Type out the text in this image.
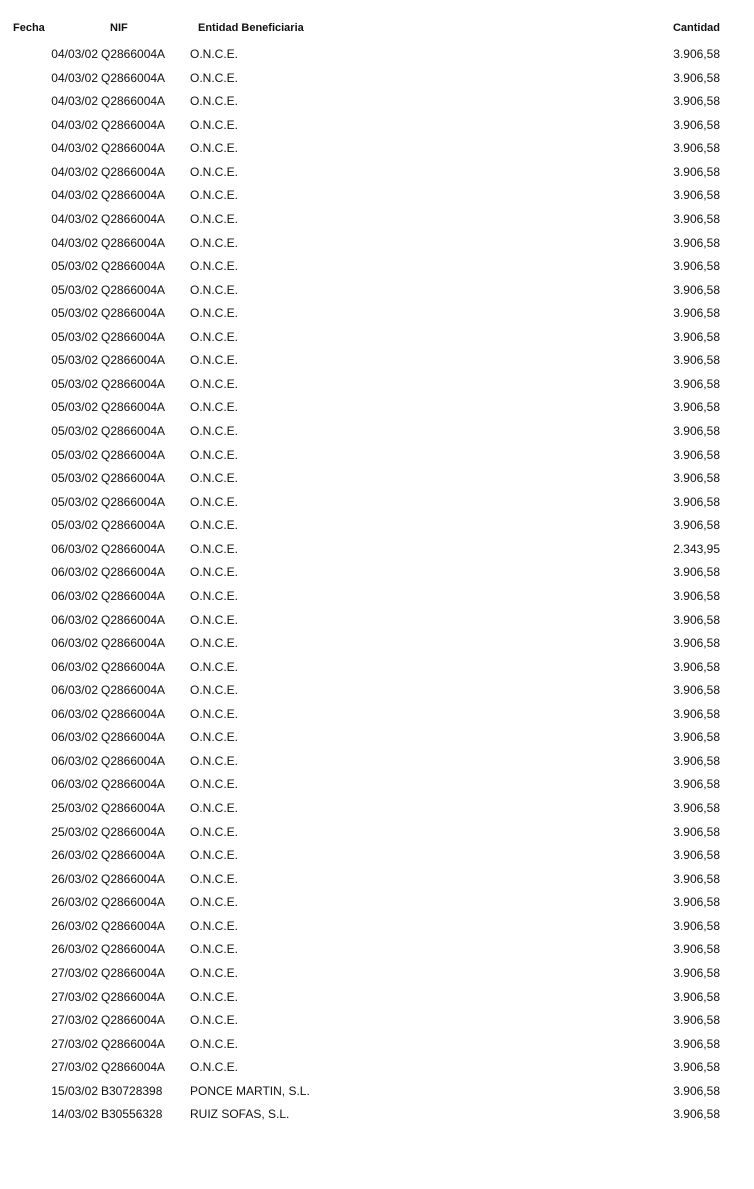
Fecha	NIF	Entidad Beneficiaria	Cantidad
04/03/02 Q2866004A O.N.C.E.	3.906,58
04/03/02 Q2866004A O.N.C.E.	3.906,58
04/03/02 Q2866004A O.N.C.E.	3.906,58
04/03/02 Q2866004A O.N.C.E.	3.906,58
04/03/02 Q2866004A O.N.C.E.	3.906,58
04/03/02 Q2866004A O.N.C.E.	3.906,58
04/03/02 Q2866004A O.N.C.E.	3.906,58
04/03/02 Q2866004A O.N.C.E.	3.906,58
04/03/02 Q2866004A O.N.C.E.	3.906,58
05/03/02 Q2866004A O.N.C.E.	3.906,58
05/03/02 Q2866004A O.N.C.E.	3.906,58
05/03/02 Q2866004A O.N.C.E.	3.906,58
05/03/02 Q2866004A O.N.C.E.	3.906,58
05/03/02 Q2866004A O.N.C.E.	3.906,58
05/03/02 Q2866004A O.N.C.E.	3.906,58
05/03/02 Q2866004A O.N.C.E.	3.906,58
05/03/02 Q2866004A O.N.C.E.	3.906,58
05/03/02 Q2866004A O.N.C.E.	3.906,58
05/03/02 Q2866004A O.N.C.E.	3.906,58
05/03/02 Q2866004A O.N.C.E.	3.906,58
05/03/02 Q2866004A O.N.C.E.	3.906,58
06/03/02 Q2866004A O.N.C.E.	2.343,95
06/03/02 Q2866004A O.N.C.E.	3.906,58
06/03/02 Q2866004A O.N.C.E.	3.906,58
06/03/02 Q2866004A O.N.C.E.	3.906,58
06/03/02 Q2866004A O.N.C.E.	3.906,58
06/03/02 Q2866004A O.N.C.E.	3.906,58
06/03/02 Q2866004A O.N.C.E.	3.906,58
06/03/02 Q2866004A O.N.C.E.	3.906,58
06/03/02 Q2866004A O.N.C.E.	3.906,58
06/03/02 Q2866004A O.N.C.E.	3.906,58
06/03/02 Q2866004A O.N.C.E.	3.906,58
25/03/02 Q2866004A O.N.C.E.	3.906,58
25/03/02 Q2866004A O.N.C.E.	3.906,58
26/03/02 Q2866004A O.N.C.E.	3.906,58
26/03/02 Q2866004A O.N.C.E.	3.906,58
26/03/02 Q2866004A O.N.C.E.	3.906,58
26/03/02 Q2866004A O.N.C.E.	3.906,58
26/03/02 Q2866004A O.N.C.E.	3.906,58
27/03/02 Q2866004A O.N.C.E.	3.906,58
27/03/02 Q2866004A O.N.C.E.	3.906,58
27/03/02 Q2866004A O.N.C.E.	3.906,58
27/03/02 Q2866004A O.N.C.E.	3.906,58
27/03/02 Q2866004A O.N.C.E.	3.906,58
15/03/02 B30728398 PONCE MARTIN, S.L.	3.906,58
14/03/02 B30556328 RUIZ SOFAS, S.L.	3.906,58
